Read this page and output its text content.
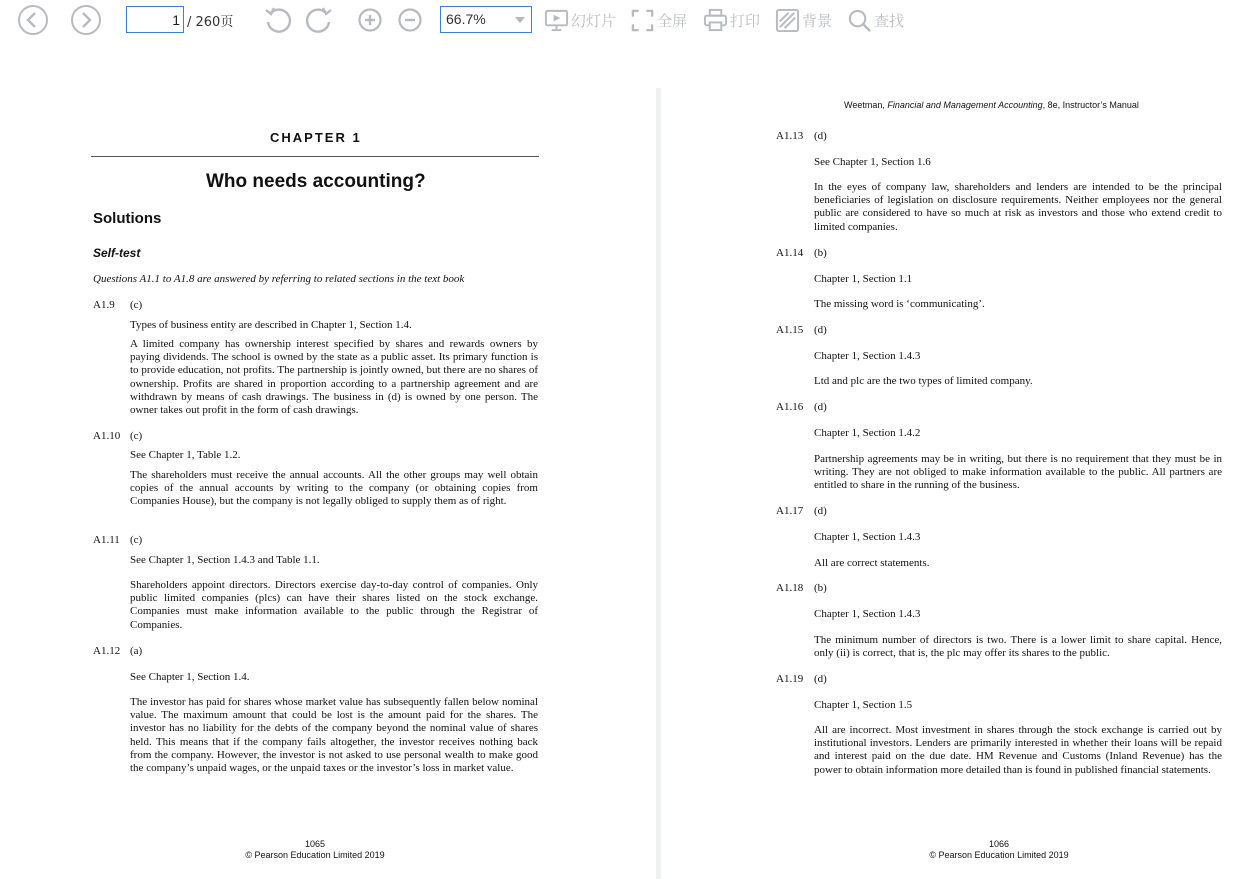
1
/ 260页	66.7%	幻灯片	全屏	打印	背景	查找
CHAPTER 1
Who needs accounting?
Solutions
Self-test
Questions A1.1 to A1.8 are answered by referring to related sections in the text book
A1.9 (c)
Types of business entity are described in Chapter 1, Section 1.4.
A limited company has ownership interest specified by shares and rewards owners by paying dividends. The school is owned by the state as a public asset. Its primary function is to provide education, not profits. The partnership is jointly owned, but there are no shares of ownership. Profits are shared in proportion according to a partnership agreement and are withdrawn by means of cash drawings. The business in (d) is owned by one person. The owner takes out profit in the form of cash drawings.
A1.10 (c)
See Chapter 1, Table 1.2.
The shareholders must receive the annual accounts. All the other groups may well obtain copies of the annual accounts by writing to the company (or obtaining copies from Companies House), but the company is not legally obliged to supply them as of right.
A1.11 (c)
See Chapter 1, Section 1.4.3 and Table 1.1.
Shareholders appoint directors. Directors exercise day-to-day control of companies. Only public limited companies (plcs) can have their shares listed on the stock exchange. Companies must make information available to the public through the Registrar of Companies.
A1.12 (a)
See Chapter 1, Section 1.4.
The investor has paid for shares whose market value has subsequently fallen below nominal value. The maximum amount that could be lost is the amount paid for the shares. The investor has no liability for the debts of the company beyond the nominal value of shares held. This means that if the company fails altogether, the investor receives nothing back from the company. However, the investor is not asked to use personal wealth to make good the company’s unpaid wages, or the unpaid taxes or the investor’s loss in market value.
1065
© Pearson Education Limited 2019
Weetman, Financial and Management Accounting, 8e, Instructor’s Manual
A1.13 (d)
See Chapter 1, Section 1.6
In the eyes of company law, shareholders and lenders are intended to be the principal beneficiaries of legislation on disclosure requirements. Neither employees nor the general public are considered to have so much at risk as investors and those who extend credit to limited companies.
A1.14 (b)
Chapter 1, Section 1.1
The missing word is ‘communicating’.
A1.15 (d)
Chapter 1, Section 1.4.3
Ltd and plc are the two types of limited company.
A1.16 (d)
Chapter 1, Section 1.4.2
Partnership agreements may be in writing, but there is no requirement that they must be in writing. They are not obliged to make information available to the public. All partners are entitled to share in the running of the business.
A1.17 (d)
Chapter 1, Section 1.4.3
All are correct statements.
A1.18 (b)
Chapter 1, Section 1.4.3
The minimum number of directors is two. There is a lower limit to share capital. Hence, only (ii) is correct, that is, the plc may offer its shares to the public.
A1.19 (d)
Chapter 1, Section 1.5
All are incorrect. Most investment in shares through the stock exchange is carried out by institutional investors. Lenders are primarily interested in whether their loans will be repaid and interest paid on the due date. HM Revenue and Customs (Inland Revenue) has the power to obtain information more detailed than is found in published financial statements.
1066
© Pearson Education Limited 2019
